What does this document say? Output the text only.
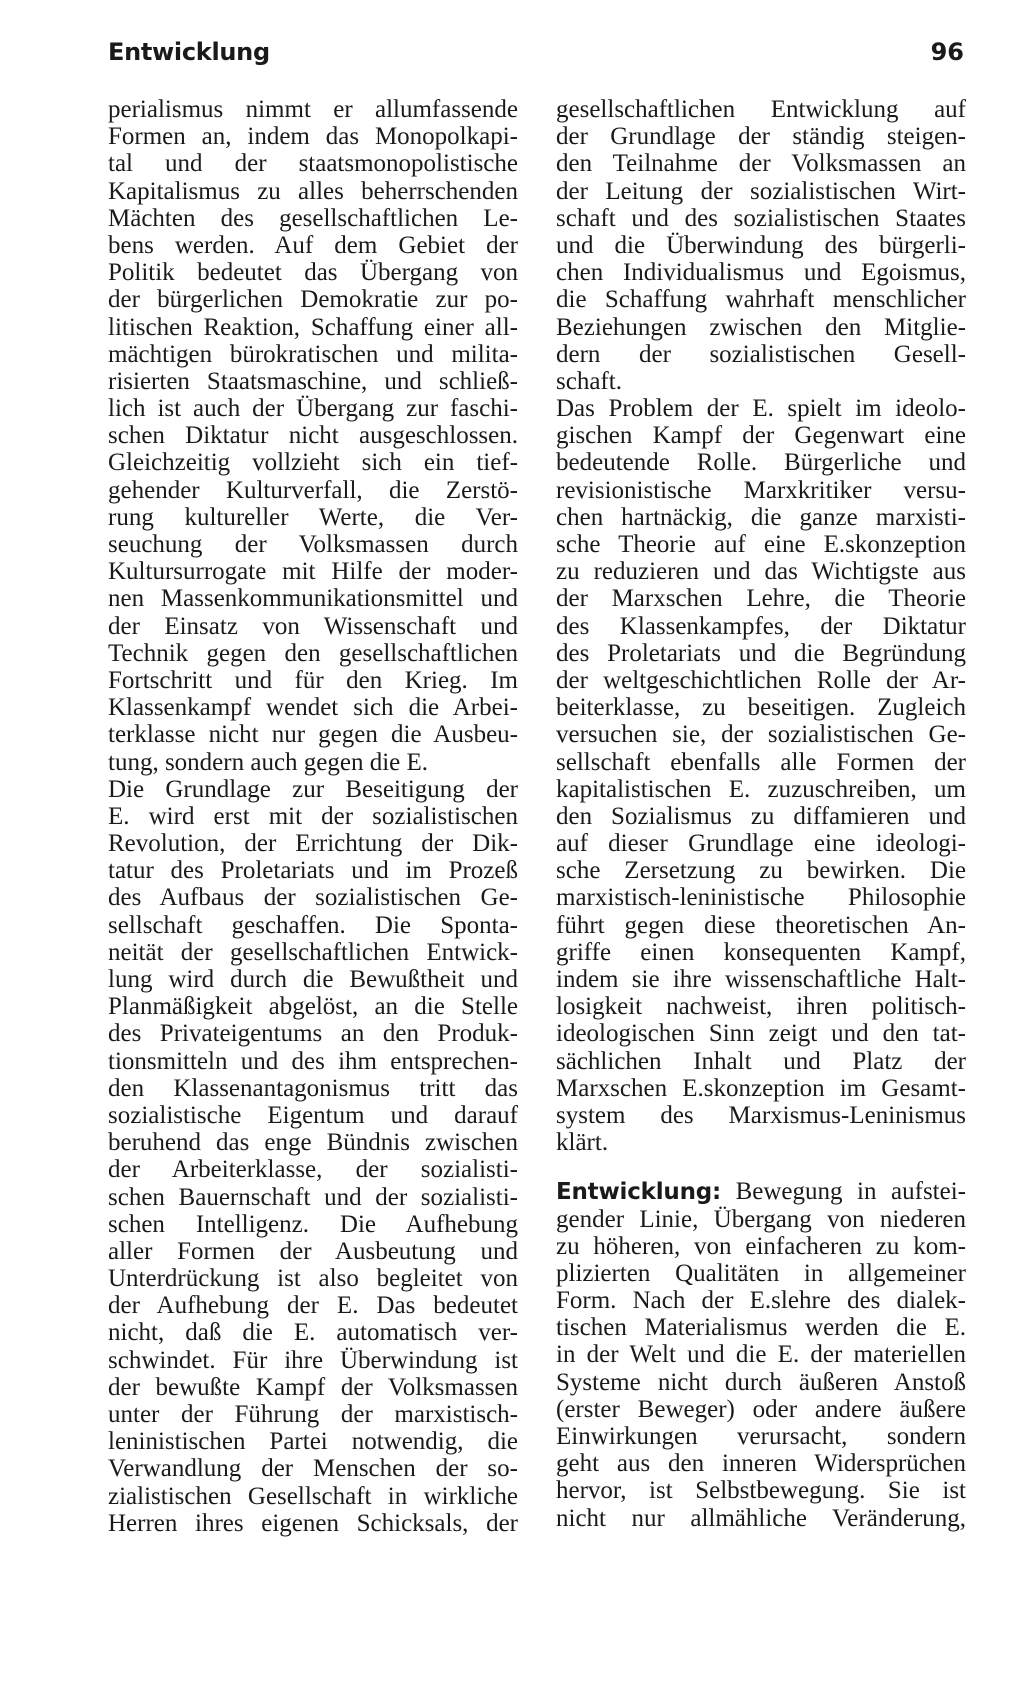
Entwicklung	96
perialismus nimmt er allumfassende
Formen an, indem das Monopolkapi-
tal und der staatsmonopolistische
Kapitalismus zu alles beherrschenden
Mächten des gesellschaftlichen Le-
bens werden. Auf dem Gebiet der
Politik bedeutet das Übergang von
der bürgerlichen Demokratie zur po-
litischen Reaktion, Schaffung einer all-
mächtigen bürokratischen und milita-
risierten Staatsmaschine, und schließ-
lich ist auch der Übergang zur faschi-
schen Diktatur nicht ausgeschlossen.
Gleichzeitig vollzieht sich ein tief-
gehender Kulturverfall, die Zerstö-
rung kultureller Werte, die Ver-
seuchung der Volksmassen durch
Kultursurrogate mit Hilfe der moder-
nen Massenkommunikationsmittel und
der Einsatz von Wissenschaft und
Technik gegen den gesellschaftlichen
Fortschritt und für den Krieg. Im
Klassenkampf wendet sich die Arbei-
terklasse nicht nur gegen die Ausbeu-
tung, sondern auch gegen die E.
Die Grundlage zur Beseitigung der
E. wird erst mit der sozialistischen
Revolution, der Errichtung der Dik-
tatur des Proletariats und im Prozeß
des Aufbaus der sozialistischen Ge-
sellschaft geschaffen. Die Sponta-
neität der gesellschaftlichen Entwick-
lung wird durch die Bewußtheit und
Planmäßigkeit abgelöst, an die Stelle
des Privateigentums an den Produk-
tionsmitteln und des ihm entsprechen-
den Klassenantagonismus tritt das
sozialistische Eigentum und darauf
beruhend das enge Bündnis zwischen
der Arbeiterklasse, der sozialisti-
schen Bauernschaft und der sozialisti-
schen Intelligenz. Die Aufhebung
aller Formen der Ausbeutung und
Unterdrückung ist also begleitet von
der Aufhebung der E. Das bedeutet
nicht, daß die E. automatisch ver-
schwindet. Für ihre Überwindung ist
der bewußte Kampf der Volksmassen
unter der Führung der marxistisch-
leninistischen Partei notwendig, die
Verwandlung der Menschen der so-
zialistischen Gesellschaft in wirkliche
Herren ihres eigenen Schicksals, der
gesellschaftlichen Entwicklung auf
der Grundlage der ständig steigen-
den Teilnahme der Volksmassen an
der Leitung der sozialistischen Wirt-
schaft und des sozialistischen Staates
und die Überwindung des bürgerli-
chen Individualismus und Egoismus,
die Schaffung wahrhaft menschlicher
Beziehungen zwischen den Mitglie-
dern der sozialistischen Gesell-
schaft.
Das Problem der E. spielt im ideolo-
gischen Kampf der Gegenwart eine
bedeutende Rolle. Bürgerliche und
revisionistische Marxkritiker versu-
chen hartnäckig, die ganze marxisti-
sche Theorie auf eine E.skonzeption
zu reduzieren und das Wichtigste aus
der Marxschen Lehre, die Theorie
des Klassenkampfes, der Diktatur
des Proletariats und die Begründung
der weltgeschichtlichen Rolle der Ar-
beiterklasse, zu beseitigen. Zugleich
versuchen sie, der sozialistischen Ge-
sellschaft ebenfalls alle Formen der
kapitalistischen E. zuzuschreiben, um
den Sozialismus zu diffamieren und
auf dieser Grundlage eine ideologi-
sche Zersetzung zu bewirken. Die
marxistisch-leninistische Philosophie
führt gegen diese theoretischen An-
griffe einen konsequenten Kampf,
indem sie ihre wissenschaftliche Halt-
losigkeit nachweist, ihren politisch-
ideologischen Sinn zeigt und den tat-
sächlichen Inhalt und Platz der
Marxschen E.skonzeption im Gesamt-
system des Marxismus-Leninismus
klärt.
Entwicklung: Bewegung in aufstei-
gender Linie, Übergang von niederen
zu höheren, von einfacheren zu kom-
plizierten Qualitäten in allgemeiner
Form. Nach der E.slehre des dialek-
tischen Materialismus werden die E.
in der Welt und die E. der materiellen
Systeme nicht durch äußeren Anstoß
(erster Beweger) oder andere äußere
Einwirkungen verursacht, sondern
geht aus den inneren Widersprüchen
hervor, ist Selbstbewegung. Sie ist
nicht nur allmähliche Veränderung,
